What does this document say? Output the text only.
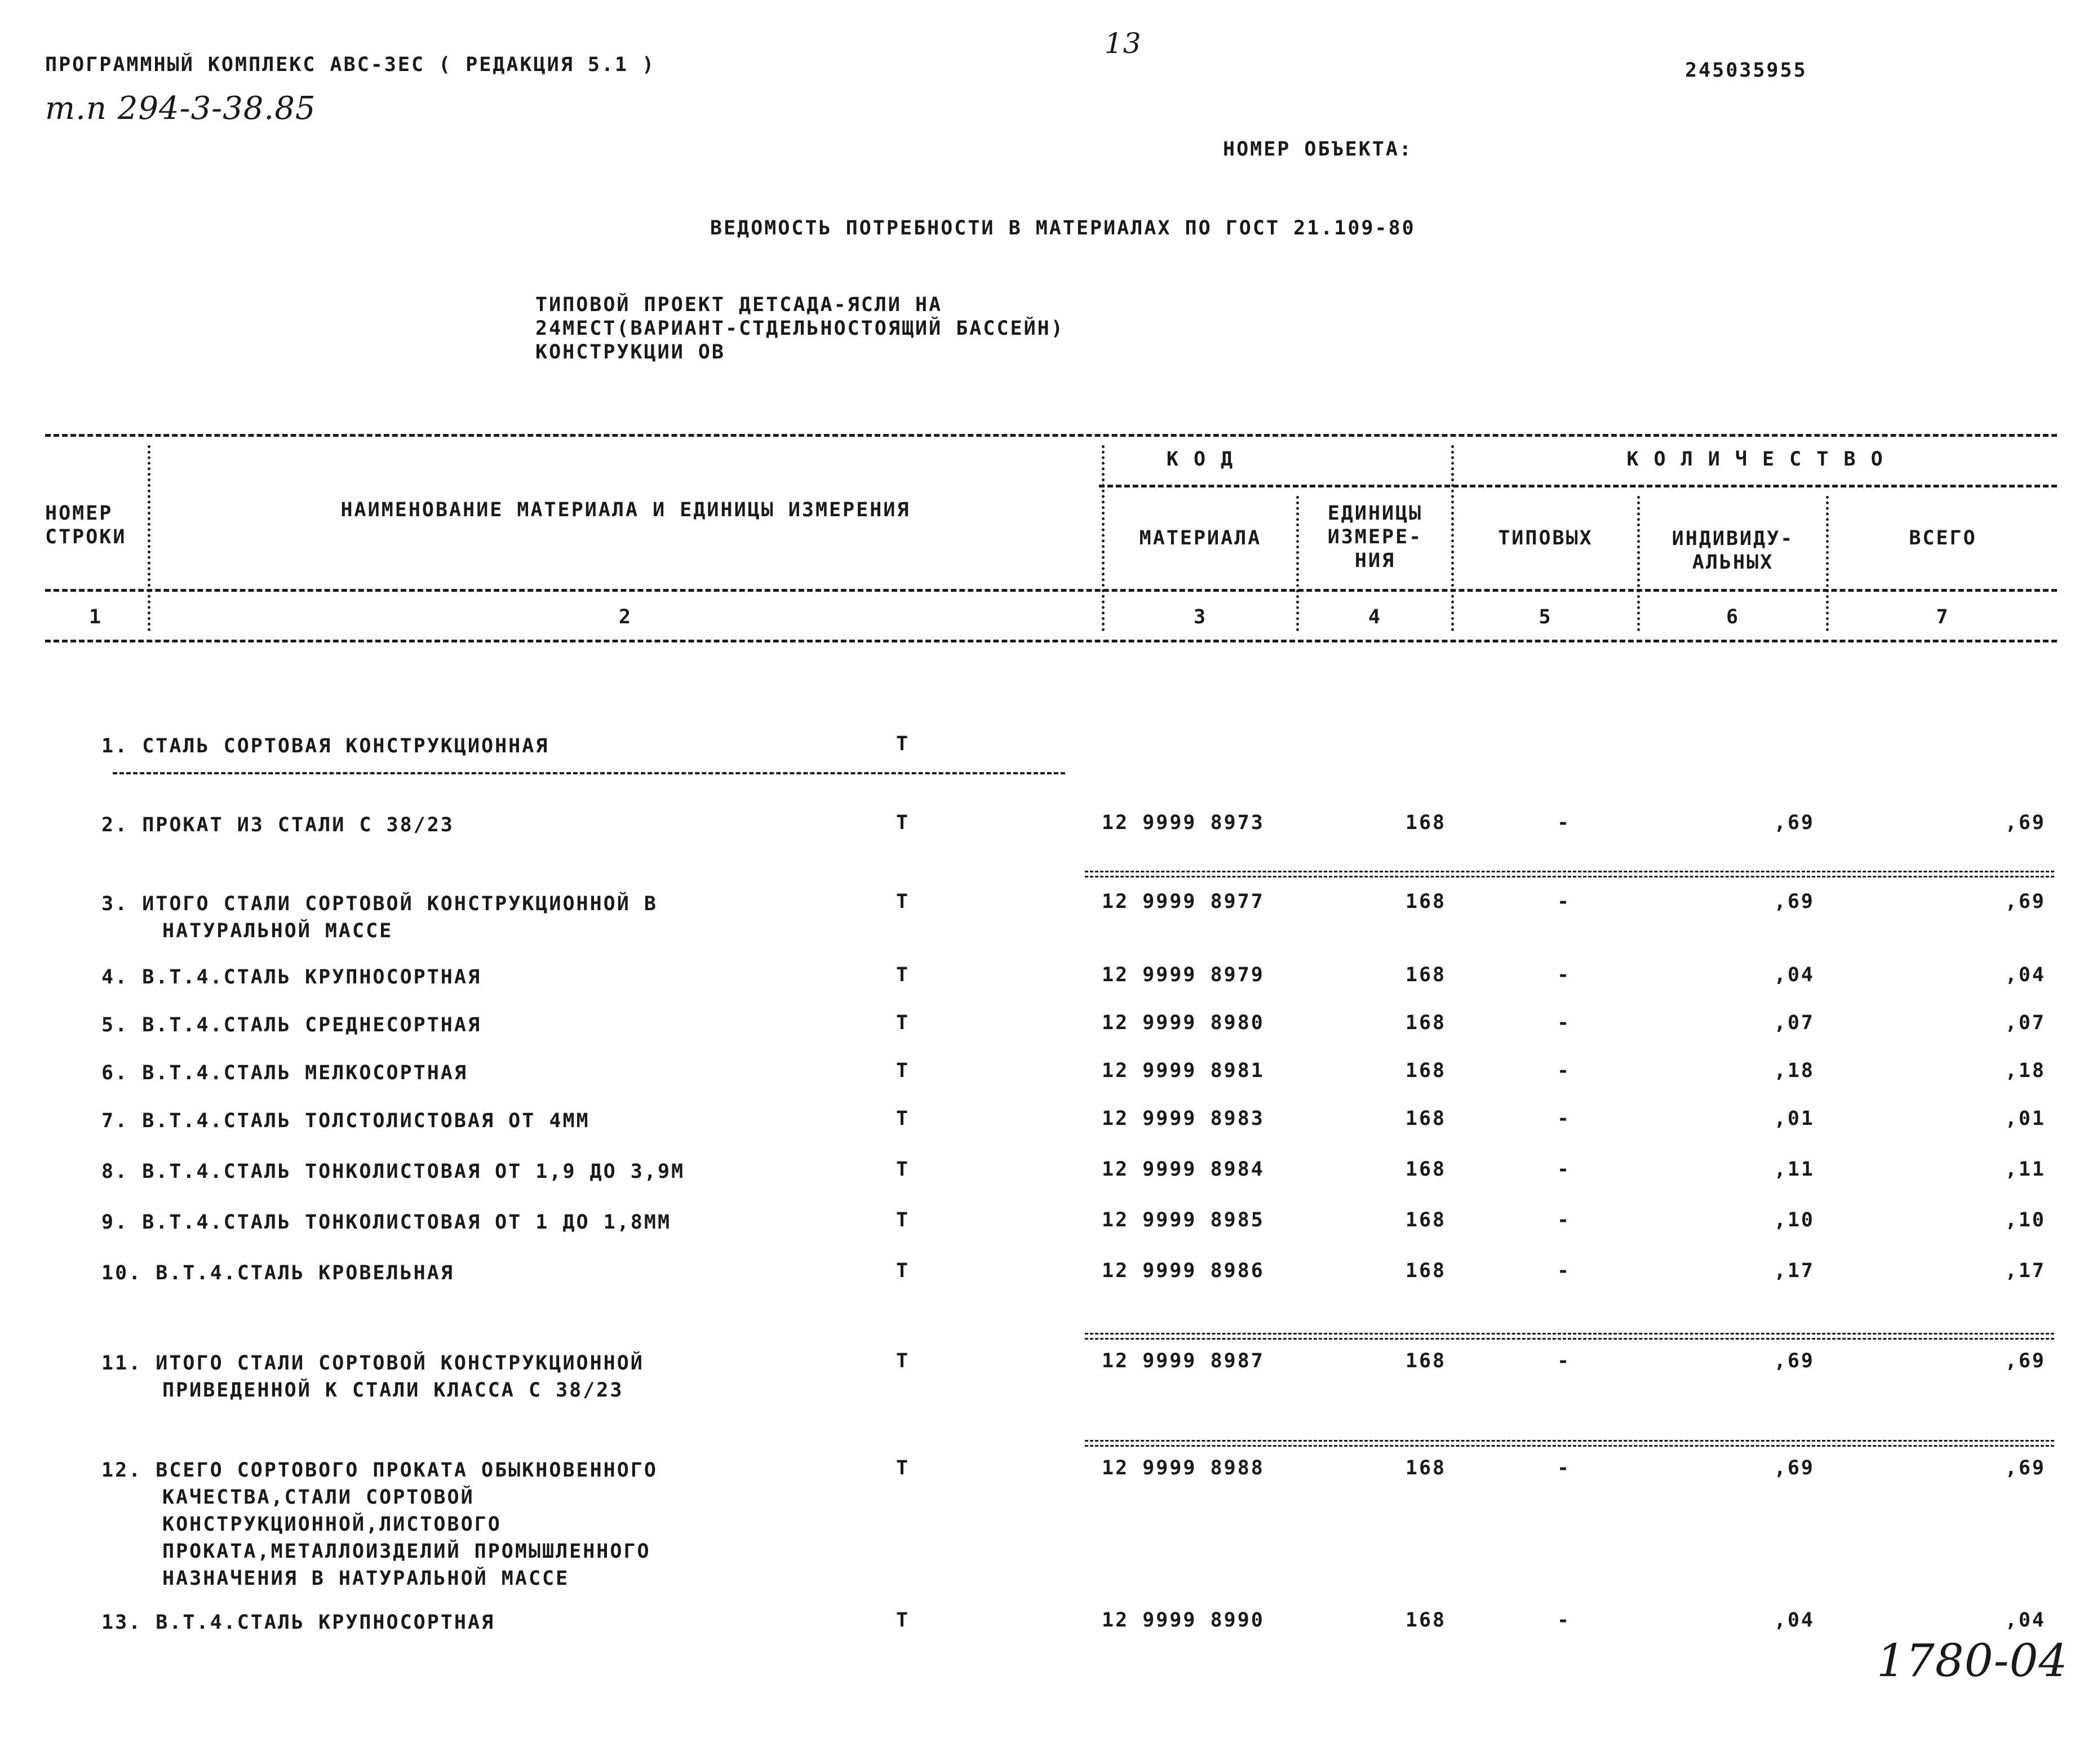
13
ПРОГРАММНЫЙ КОМПЛЕКС АВС-3ЕС ( РЕДАКЦИЯ 5.1 )	245035955
т.п 294-3-38.85
НОМЕР ОБЪЕКТА:
ВЕДОМОСТЬ ПОТРЕБНОСТИ В МАТЕРИАЛАХ ПО ГОСТ 21.109-80
ТИПОВОЙ ПРОЕКТ ДЕТСАДА-ЯСЛИ НА
24МЕСТ(ВАРИАНТ-СТДЕЛЬНОСТОЯЩИЙ БАССЕЙН)
КОНСТРУКЦИИ ОВ
НОМЕР
СТРОКИ
НАИМЕНОВАНИЕ МАТЕРИАЛА И ЕДИНИЦЫ ИЗМЕРЕНИЯ
К О Д
МАТЕРИАЛА
ЕДИНИЦЫ
ИЗМЕРЕ-
НИЯ
К О Л И Ч Е С Т В О
ТИПОВЫХ	ИНДИВИДУ-
АЛЬНЫХ
ВСЕГО
1	2	3	4	5	6	7
1. СТАЛЬ СОРТОВАЯ КОНСТРУКЦИОННАЯ	Т
2. ПРОКАТ ИЗ СТАЛИ С 38/23	Т	12 9999 8973	168	-	,69	,69
3. ИТОГО СТАЛИ СОРТОВОЙ КОНСТРУКЦИОННОЙ В
НАТУРАЛЬНОЙ МАССЕ
Т	12 9999 8977	168	-	,69	,69
4. В.Т.4.СТАЛЬ КРУПНОСОРТНАЯ	Т	12 9999 8979	168	-	,04	,04
5. В.Т.4.СТАЛЬ СРЕДНЕСОРТНАЯ	Т	12 9999 8980	168	-	,07	,07
6. В.Т.4.СТАЛЬ МЕЛКОСОРТНАЯ	Т	12 9999 8981	168	-	,18	,18
7. В.Т.4.СТАЛЬ ТОЛСТОЛИСТОВАЯ ОТ 4ММ	Т	12 9999 8983	168	-	,01	,01
8. В.Т.4.СТАЛЬ ТОНКОЛИСТОВАЯ ОТ 1,9 ДО 3,9М	Т	12 9999 8984	168	-	,11	,11
9. В.Т.4.СТАЛЬ ТОНКОЛИСТОВАЯ ОТ 1 ДО 1,8ММ	Т	12 9999 8985	168	-	,10	,10
10. В.Т.4.СТАЛЬ КРОВЕЛЬНАЯ	Т	12 9999 8986	168	-	,17	,17
11. ИТОГО СТАЛИ СОРТОВОЙ КОНСТРУКЦИОННОЙ
ПРИВЕДЕННОЙ К СТАЛИ КЛАССА С 38/23
Т	12 9999 8987	168	-	,69	,69
12. ВСЕГО СОРТОВОГО ПРОКАТА ОБЫКНОВЕННОГО
КАЧЕСТВА,СТАЛИ СОРТОВОЙ
КОНСТРУКЦИОННОЙ,ЛИСТОВОГО
ПРОКАТА,МЕТАЛЛОИЗДЕЛИЙ ПРОМЫШЛЕННОГО
НАЗНАЧЕНИЯ В НАТУРАЛЬНОЙ МАССЕ
Т	12 9999 8988	168	-	,69	,69
13. В.Т.4.СТАЛЬ КРУПНОСОРТНАЯ	Т	12 9999 8990	168	-	,04	,04
1780-04
